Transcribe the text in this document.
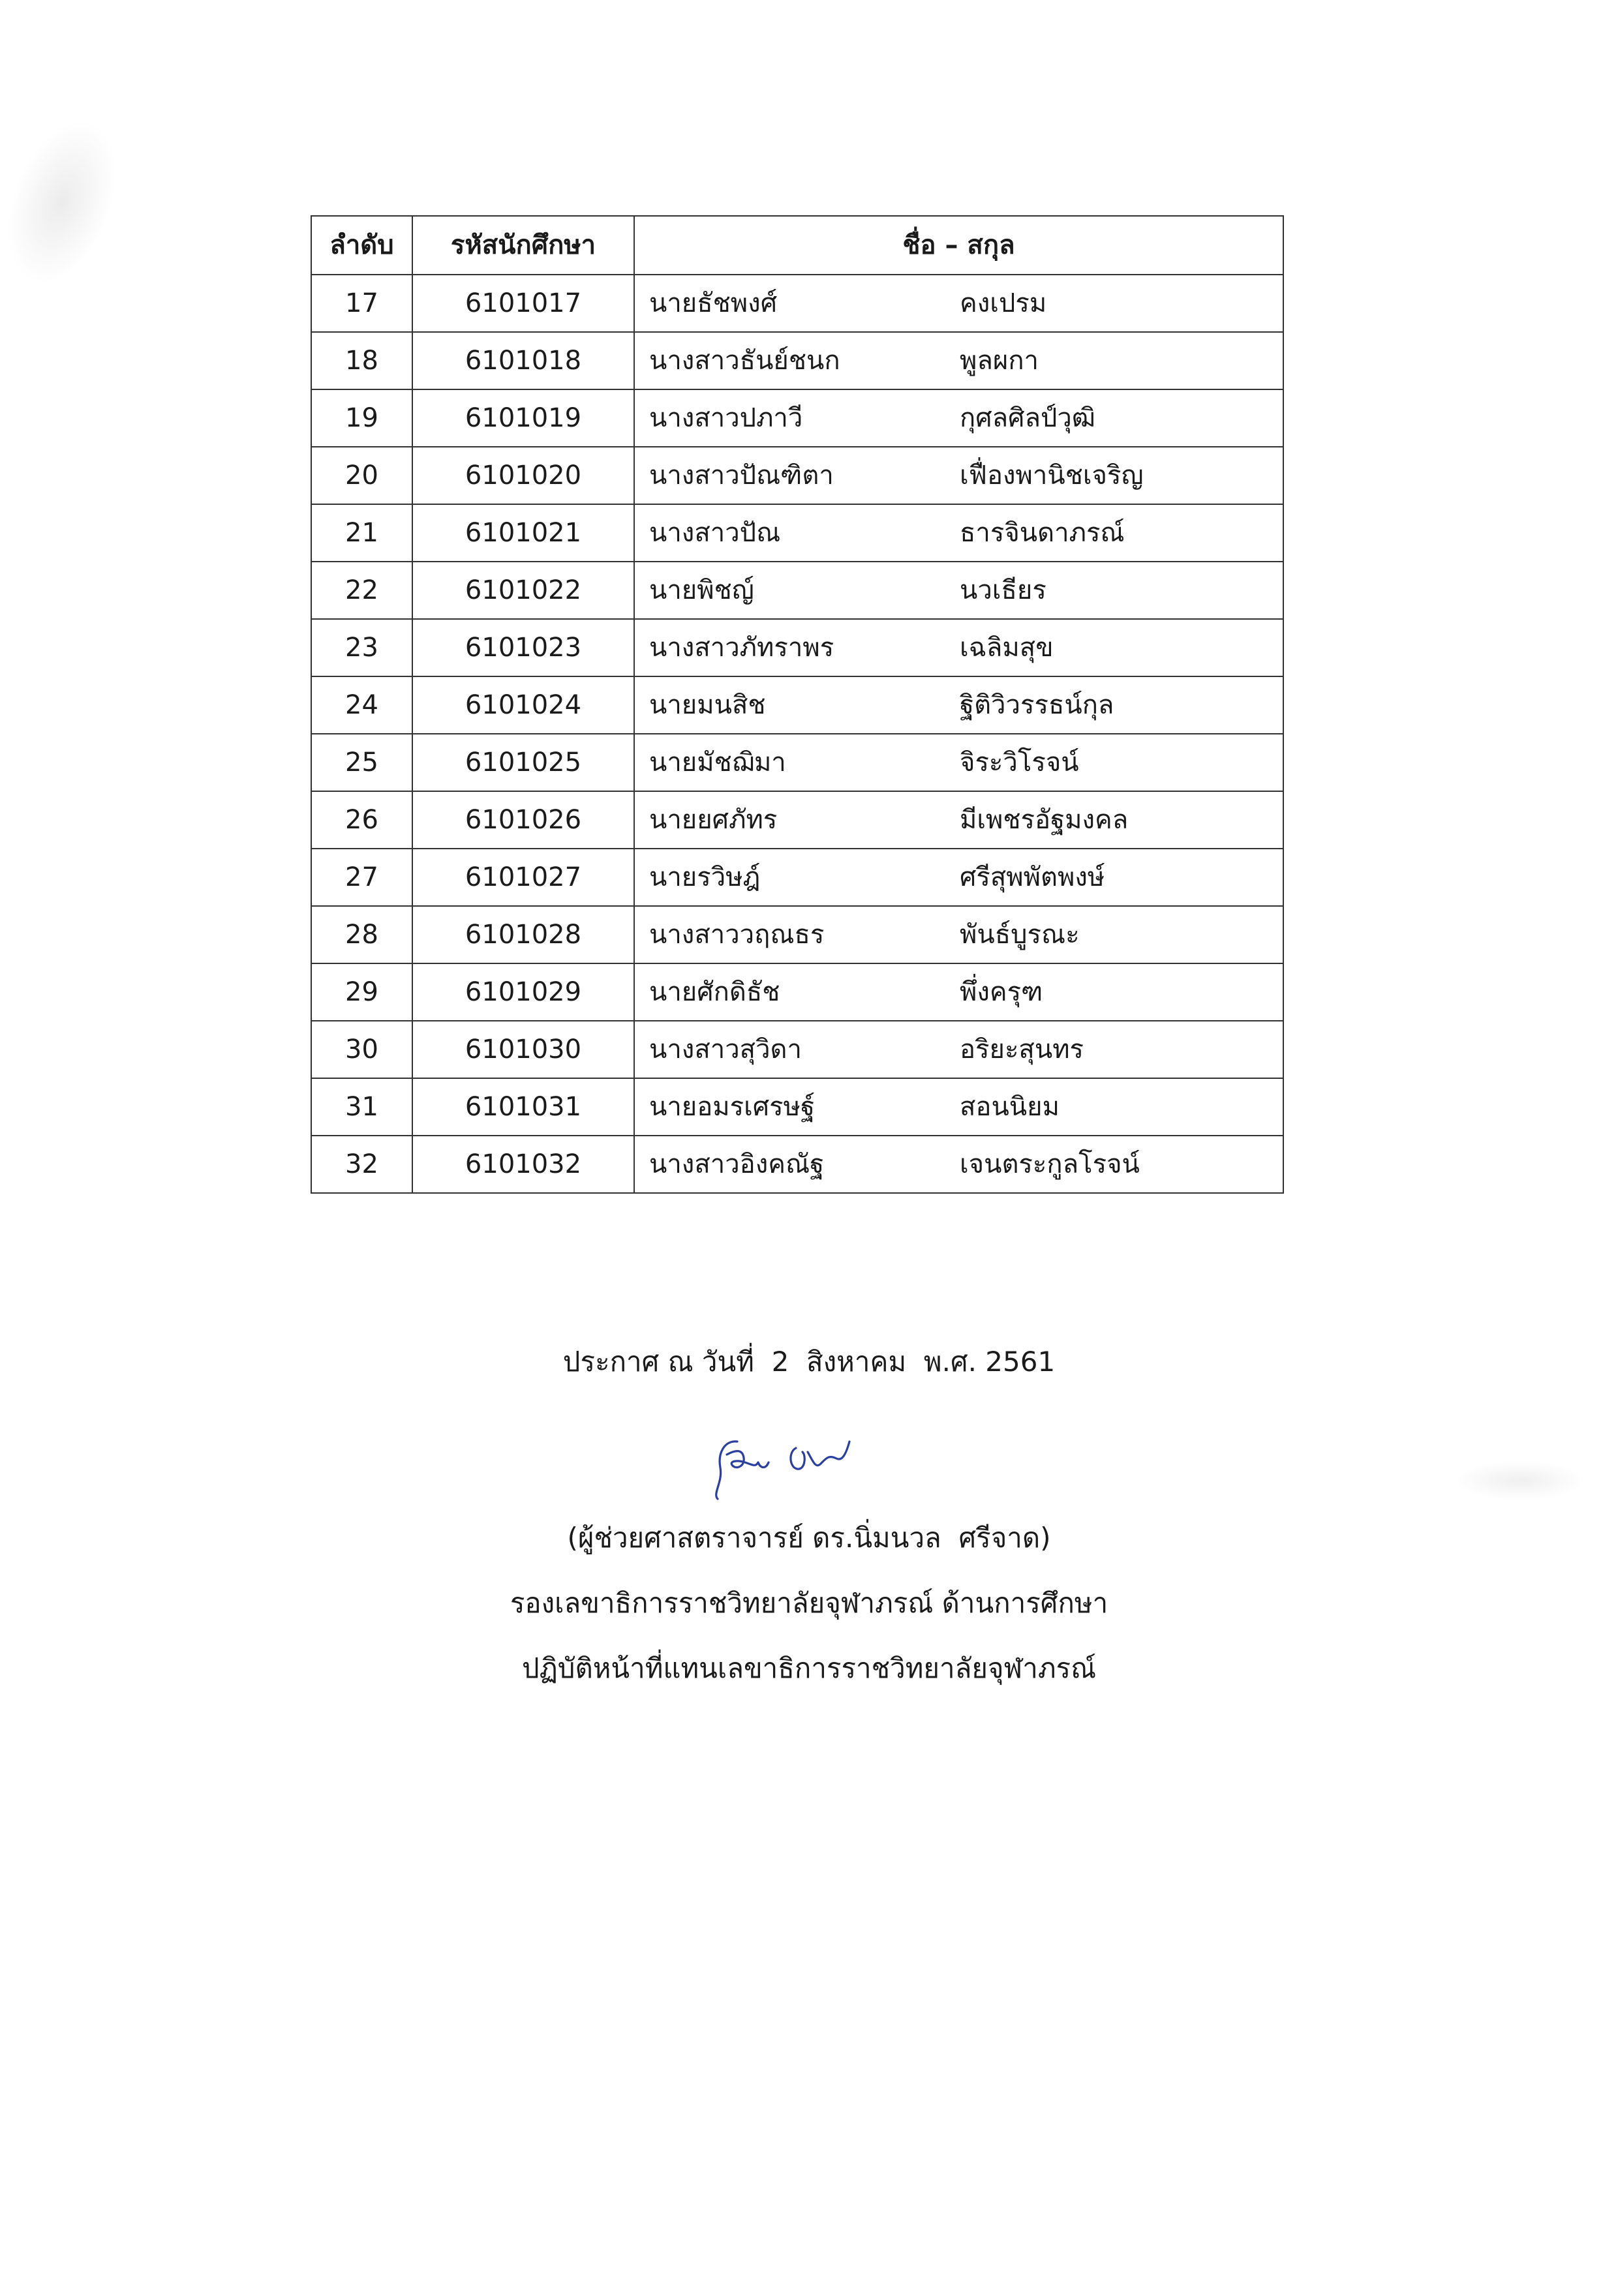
ลำดับ	รหัสนักศึกษา	ชื่อ – สกุล
17	6101017	นายธัชพงศ์ คงเปรม

18	6101018	นางสาวธันย์ชนก พูลผกา

19	6101019	นางสาวปภาวี กุศลศิลป์วุฒิ

20	6101020	นางสาวปัณฑิตา เฟื่องพานิชเจริญ

21	6101021	นางสาวปัณ ธารจินดาภรณ์

22	6101022	นายพิชญ์ นวเธียร

23	6101023	นางสาวภัทราพร เฉลิมสุข

24	6101024	นายมนสิช ฐิติวิวรรธน์กุล

25	6101025	นายมัชฌิมา จิระวิโรจน์

26	6101026	นายยศภัทร มีเพชรอัฐมงคล

27	6101027	นายรวิษฎ์ ศรีสุพพัตพงษ์

28	6101028	นางสาววฤณธร พันธ์บูรณะ

29	6101029	นายศักดิธัช พึ่งครุฑ

30	6101030	นางสาวสุวิดา อริยะสุนทร

31	6101031	นายอมรเศรษฐ์ สอนนิยม

32	6101032	นางสาวอิงคณัฐ เจนตระกูลโรจน์
ประกาศ ณ วันที่  2  สิงหาคม  พ.ศ. 2561
(ผู้ช่วยศาสตราจารย์ ดร.นิ่มนวล  ศรีจาด)
รองเลขาธิการราชวิทยาลัยจุฬาภรณ์ ด้านการศึกษา
ปฏิบัติหน้าที่แทนเลขาธิการราชวิทยาลัยจุฬาภรณ์
